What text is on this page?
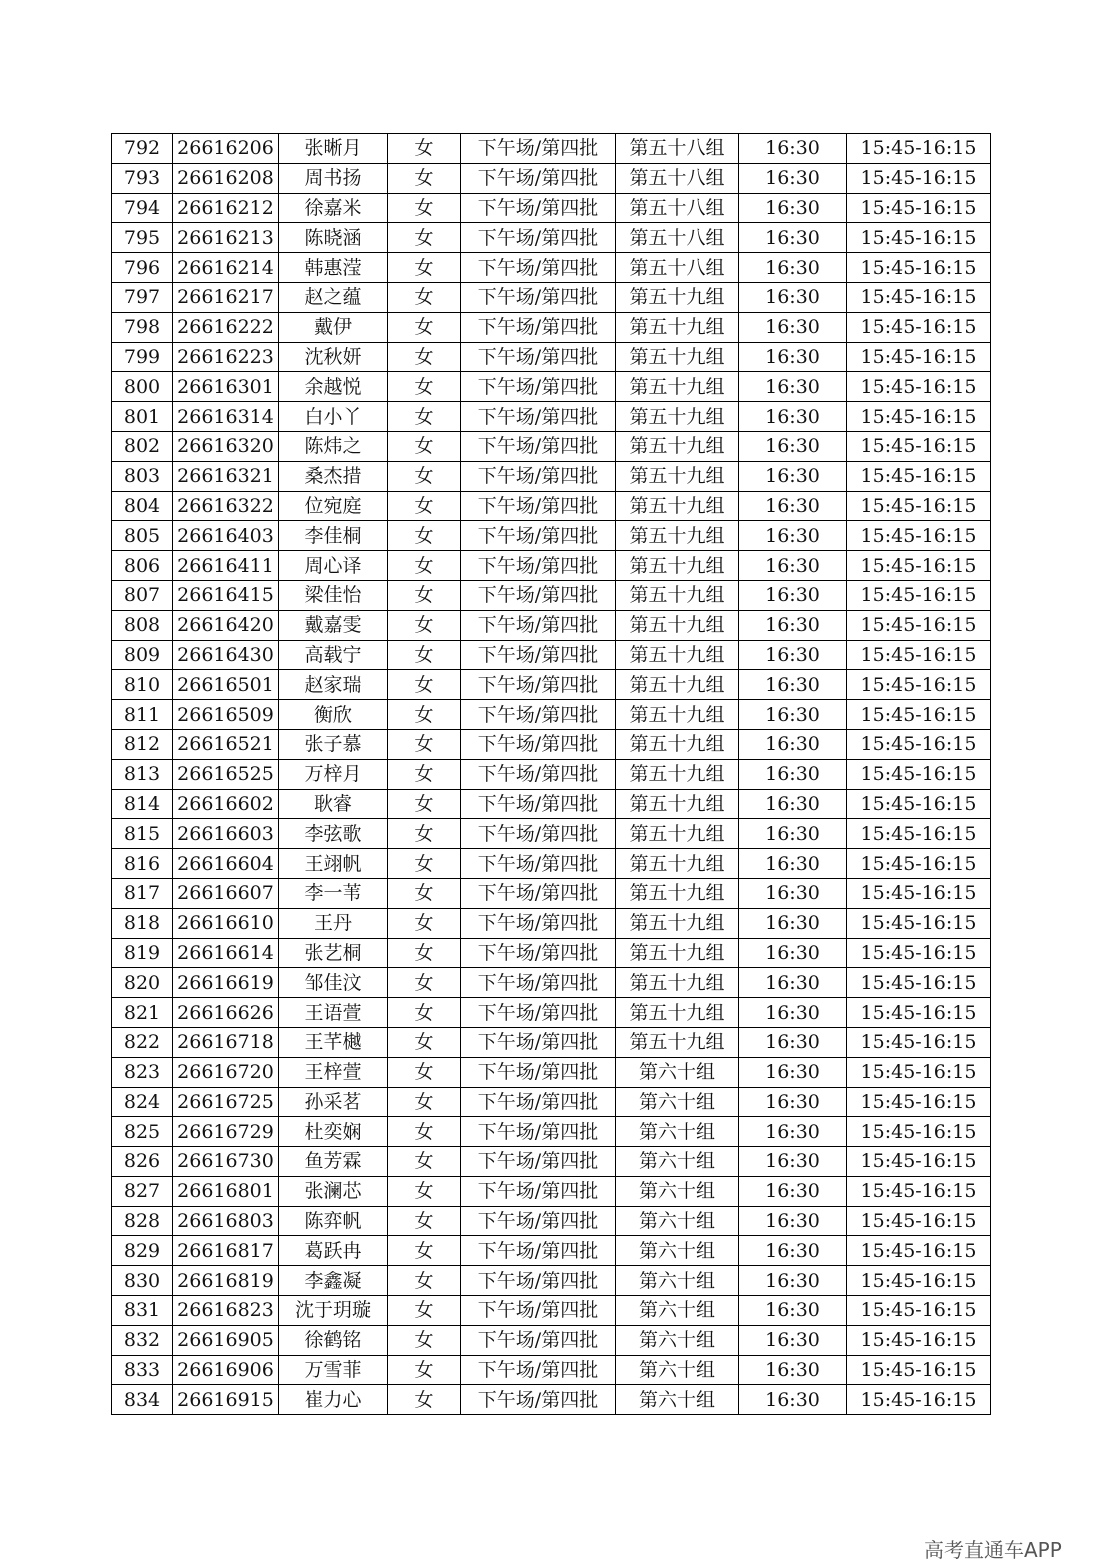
792	26616206	张晰月	女	下午场/第四批	第五十八组	16:30	15:45-16:15
793	26616208	周书扬	女	下午场/第四批	第五十八组	16:30	15:45-16:15
794	26616212	徐嘉米	女	下午场/第四批	第五十八组	16:30	15:45-16:15
795	26616213	陈晓涵	女	下午场/第四批	第五十八组	16:30	15:45-16:15
796	26616214	韩惠滢	女	下午场/第四批	第五十八组	16:30	15:45-16:15
797	26616217	赵之蕴	女	下午场/第四批	第五十九组	16:30	15:45-16:15
798	26616222	戴伊	女	下午场/第四批	第五十九组	16:30	15:45-16:15
799	26616223	沈秋妍	女	下午场/第四批	第五十九组	16:30	15:45-16:15
800	26616301	余越悦	女	下午场/第四批	第五十九组	16:30	15:45-16:15
801	26616314	白小丫	女	下午场/第四批	第五十九组	16:30	15:45-16:15
802	26616320	陈炜之	女	下午场/第四批	第五十九组	16:30	15:45-16:15
803	26616321	桑杰措	女	下午场/第四批	第五十九组	16:30	15:45-16:15
804	26616322	位宛庭	女	下午场/第四批	第五十九组	16:30	15:45-16:15
805	26616403	李佳桐	女	下午场/第四批	第五十九组	16:30	15:45-16:15
806	26616411	周心译	女	下午场/第四批	第五十九组	16:30	15:45-16:15
807	26616415	梁佳怡	女	下午场/第四批	第五十九组	16:30	15:45-16:15
808	26616420	戴嘉雯	女	下午场/第四批	第五十九组	16:30	15:45-16:15
809	26616430	高载宁	女	下午场/第四批	第五十九组	16:30	15:45-16:15
810	26616501	赵家瑞	女	下午场/第四批	第五十九组	16:30	15:45-16:15
811	26616509	衡欣	女	下午场/第四批	第五十九组	16:30	15:45-16:15
812	26616521	张子慕	女	下午场/第四批	第五十九组	16:30	15:45-16:15
813	26616525	万梓月	女	下午场/第四批	第五十九组	16:30	15:45-16:15
814	26616602	耿睿	女	下午场/第四批	第五十九组	16:30	15:45-16:15
815	26616603	李弦歌	女	下午场/第四批	第五十九组	16:30	15:45-16:15
816	26616604	王翊帆	女	下午场/第四批	第五十九组	16:30	15:45-16:15
817	26616607	李一苇	女	下午场/第四批	第五十九组	16:30	15:45-16:15
818	26616610	王丹	女	下午场/第四批	第五十九组	16:30	15:45-16:15
819	26616614	张艺桐	女	下午场/第四批	第五十九组	16:30	15:45-16:15
820	26616619	邹佳汶	女	下午场/第四批	第五十九组	16:30	15:45-16:15
821	26616626	王语萱	女	下午场/第四批	第五十九组	16:30	15:45-16:15
822	26616718	王芊樾	女	下午场/第四批	第五十九组	16:30	15:45-16:15
823	26616720	王梓萱	女	下午场/第四批	第六十组	16:30	15:45-16:15
824	26616725	孙采茗	女	下午场/第四批	第六十组	16:30	15:45-16:15
825	26616729	杜奕娴	女	下午场/第四批	第六十组	16:30	15:45-16:15
826	26616730	鱼芳霖	女	下午场/第四批	第六十组	16:30	15:45-16:15
827	26616801	张澜芯	女	下午场/第四批	第六十组	16:30	15:45-16:15
828	26616803	陈弈帆	女	下午场/第四批	第六十组	16:30	15:45-16:15
829	26616817	葛跃冉	女	下午场/第四批	第六十组	16:30	15:45-16:15
830	26616819	李鑫凝	女	下午场/第四批	第六十组	16:30	15:45-16:15
831	26616823	沈于玥璇	女	下午场/第四批	第六十组	16:30	15:45-16:15
832	26616905	徐鹤铭	女	下午场/第四批	第六十组	16:30	15:45-16:15
833	26616906	万雪菲	女	下午场/第四批	第六十组	16:30	15:45-16:15
834	26616915	崔力心	女	下午场/第四批	第六十组	16:30	15:45-16:15
高考直通车APP
